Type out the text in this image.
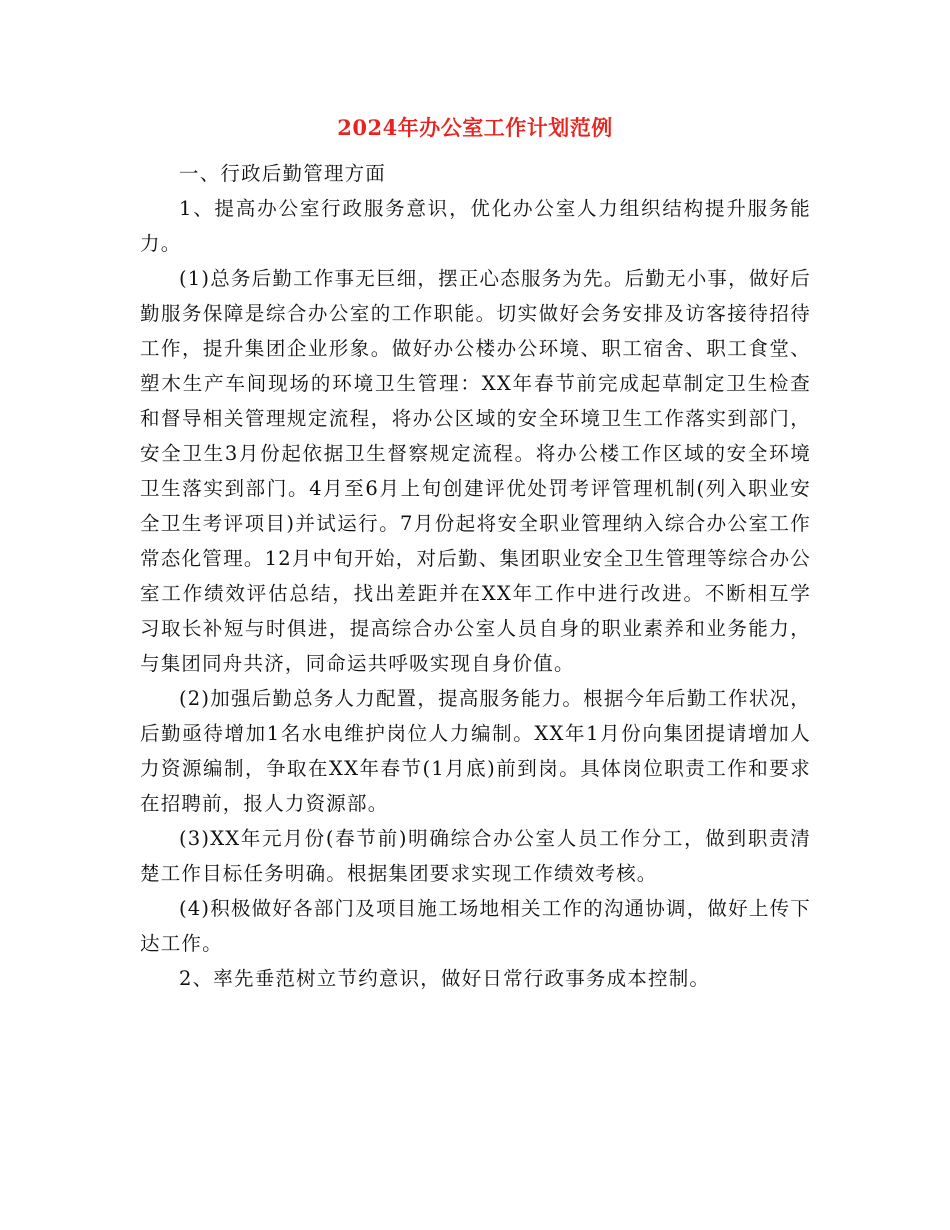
2024年办公室工作计划范例

一、行政后勤管理方面

1、提高办公室行政服务意识，优化办公室人力组织结构提升服务能力。

(1)总务后勤工作事无巨细，摆正心态服务为先。后勤无小事，做好后勤服务保障是综合办公室的工作职能。切实做好会务安排及访客接待招待工作，提升集团企业形象。做好办公楼办公环境、职工宿舍、职工食堂、塑木生产车间现场的环境卫生管理：XX年春节前完成起草制定卫生检查和督导相关管理规定流程，将办公区域的安全环境卫生工作落实到部门，安全卫生3月份起依据卫生督察规定流程。将办公楼工作区域的安全环境卫生落实到部门。4月至6月上旬创建评优处罚考评管理机制(列入职业安全卫生考评项目)并试运行。7月份起将安全职业管理纳入综合办公室工作常态化管理。12月中旬开始，对后勤、集团职业安全卫生管理等综合办公室工作绩效评估总结，找出差距并在XX年工作中进行改进。不断相互学习取长补短与时俱进，提高综合办公室人员自身的职业素养和业务能力，与集团同舟共济，同命运共呼吸实现自身价值。

(2)加强后勤总务人力配置，提高服务能力。根据今年后勤工作状况，后勤亟待增加1名水电维护岗位人力编制。XX年1月份向集团提请增加人力资源编制，争取在XX年春节(1月底)前到岗。具体岗位职责工作和要求在招聘前，报人力资源部。

(3)XX年元月份(春节前)明确综合办公室人员工作分工，做到职责清楚工作目标任务明确。根据集团要求实现工作绩效考核。

(4)积极做好各部门及项目施工场地相关工作的沟通协调，做好上传下达工作。

2、率先垂范树立节约意识，做好日常行政事务成本控制。
